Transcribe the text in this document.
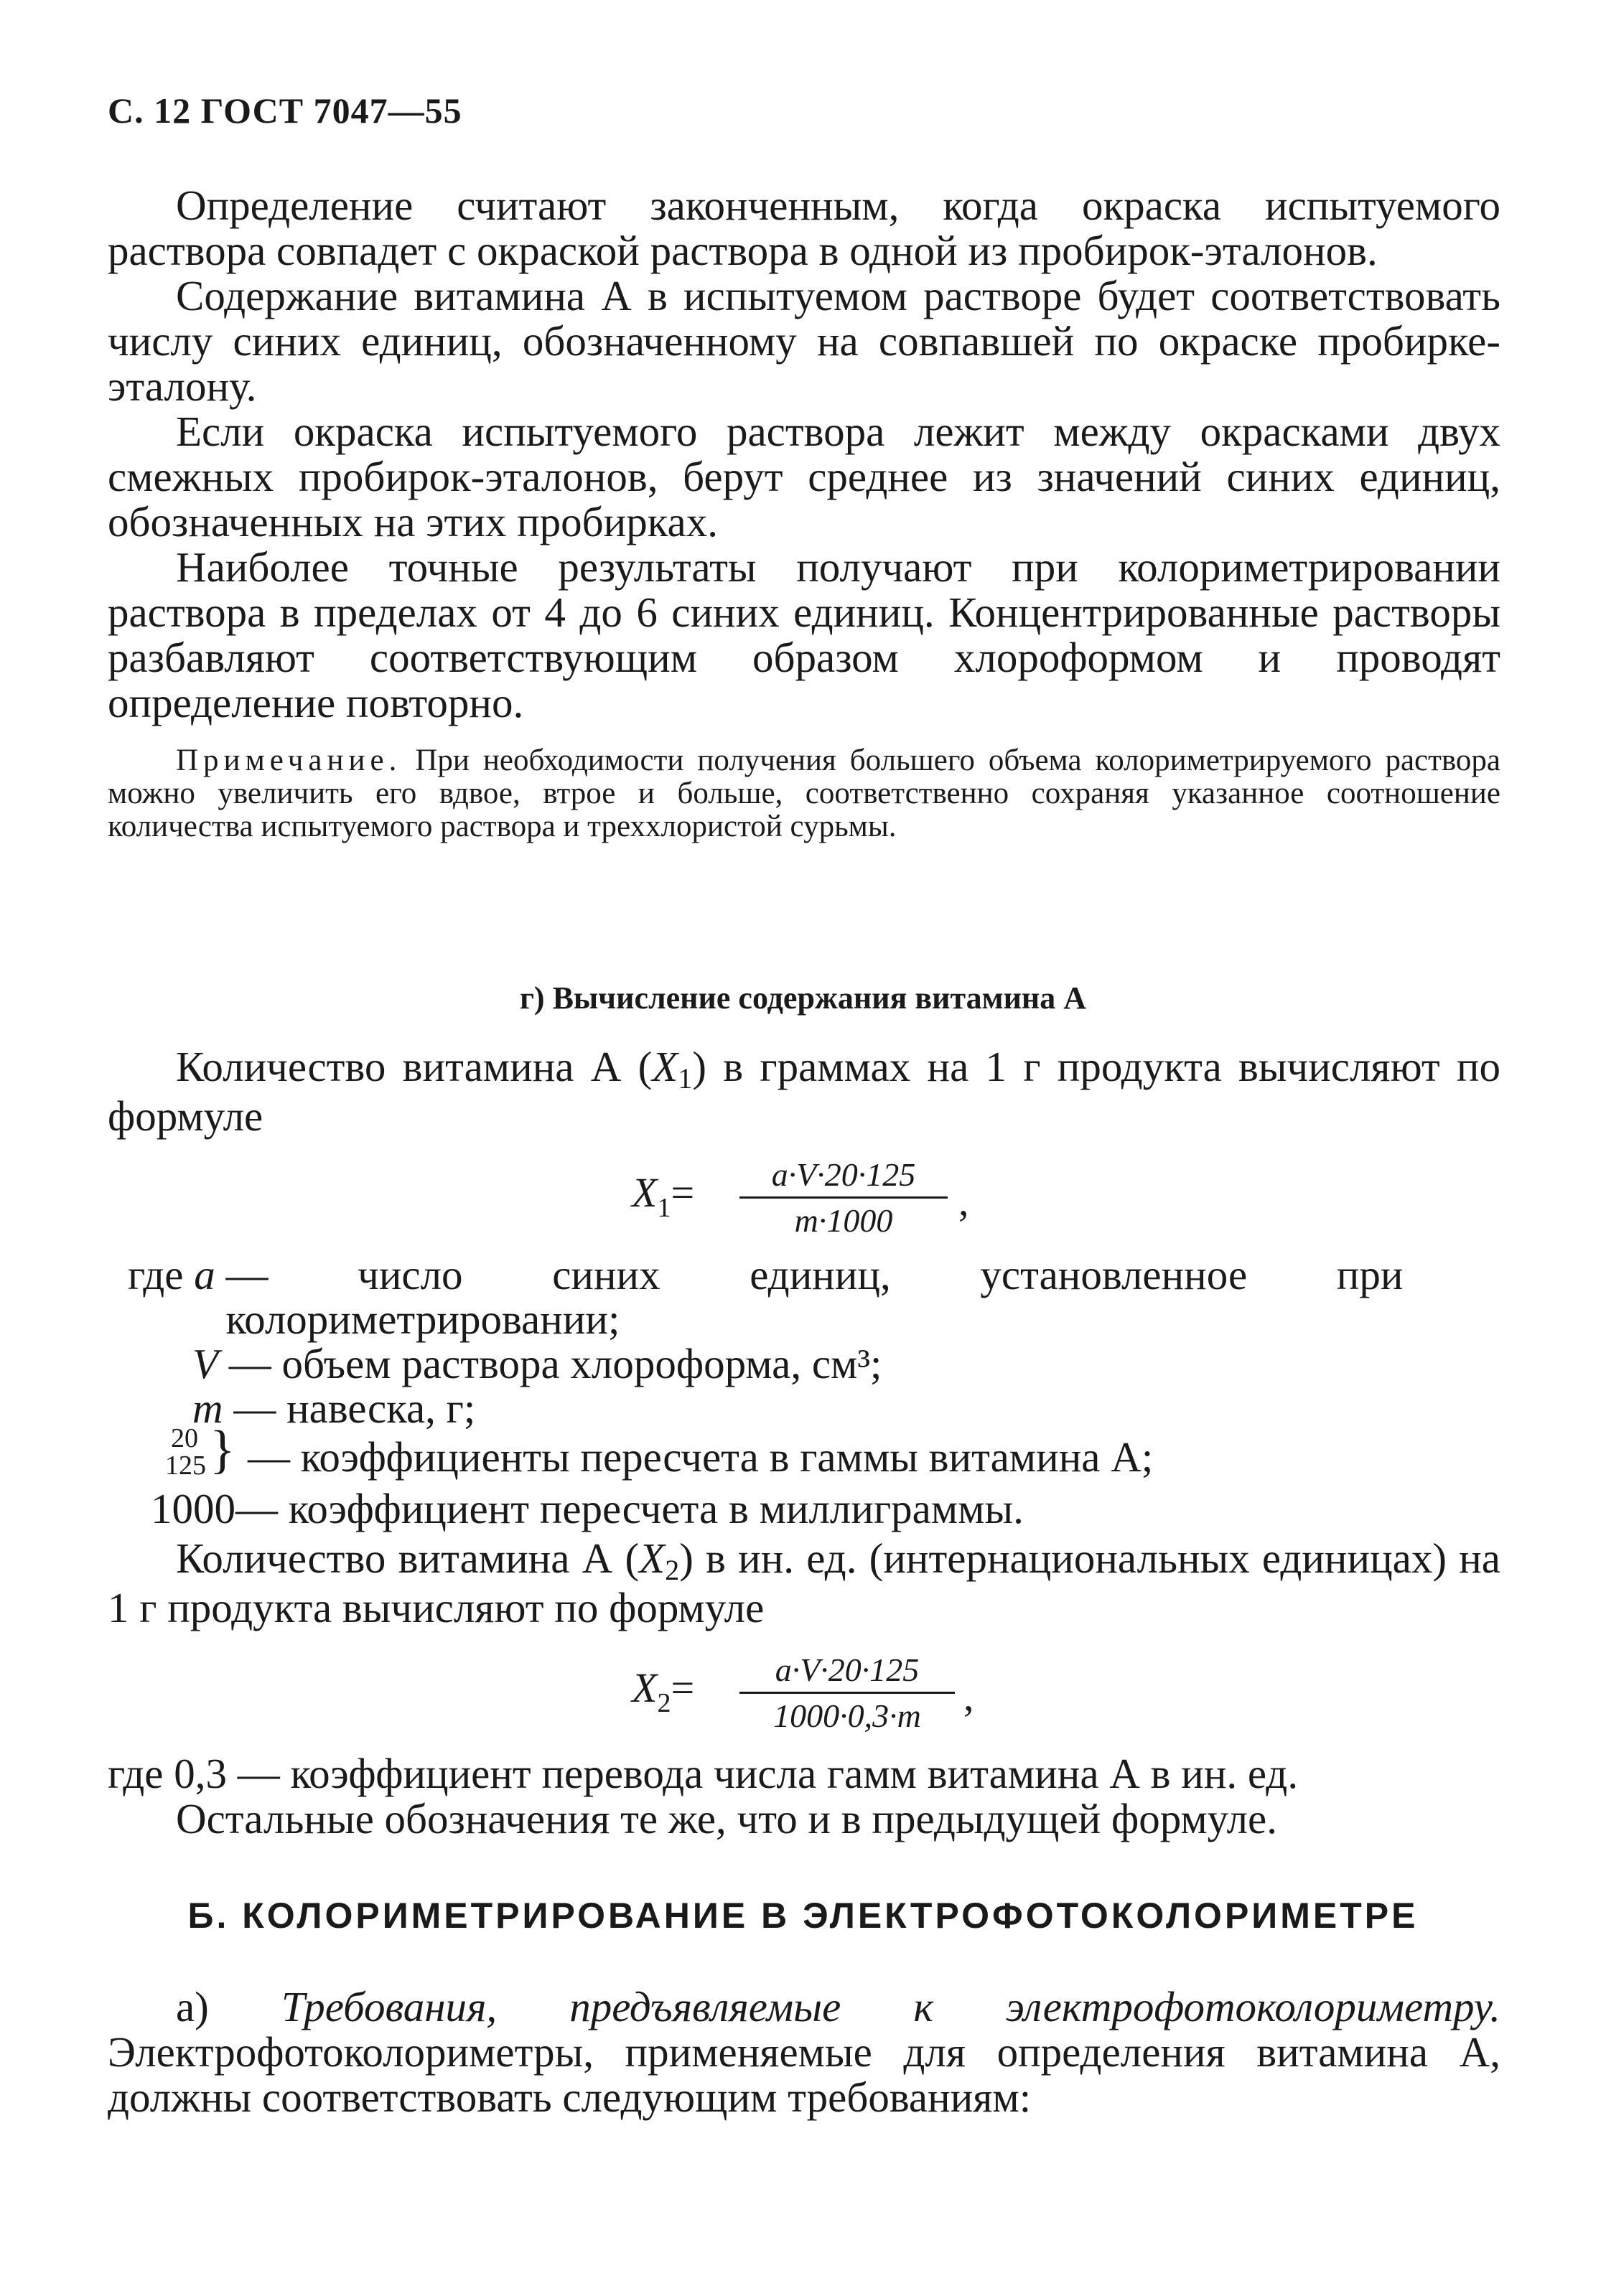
С. 12 ГОСТ 7047—55

Определение считают законченным, когда окраска испытуемого раствора совпадет с окраской раствора в одной из пробирок-эталонов.

Содержание витамина А в испытуемом растворе будет соответствовать числу синих единиц, обозначенному на совпавшей по окраске пробирке-эталону.

Если окраска испытуемого раствора лежит между окрасками двух смежных пробирок-эталонов, берут среднее из значений синих единиц, обозначенных на этих пробирках.

Наиболее точные результаты получают при колориметрировании раствора в пределах от 4 до 6 синих единиц. Концентрированные растворы разбавляют соответствующим образом хлороформом и проводят определение повторно.

Примечание. При необходимости получения большего объема колориметрируемого раствора можно увеличить его вдвое, втрое и больше, соответственно сохраняя указанное соотношение количества испытуемого раствора и треххлористой сурьмы.

г) Вычисление содержания витамина А

Количество витамина А (X1) в граммах на 1 г продукта вычисляют по формуле

$X_1=$	a·V·20·125
m·1000	,
где a — число синих единиц, установленное при колориметрировании;
V — объем раствора хлороформа, см³;
m — навеска, г;
20
125 } — коэффициенты пересчета в гаммы витамина А;
1000— коэффициент пересчета в миллиграммы.

Количество витамина А (X2) в ин. ед. (интернациональных единицах) на 1 г продукта вычисляют по формуле

$X_2=$	a·V·20·125
1000·0,3·m	,

где 0,3 — коэффициент перевода числа гамм витамина А в ин. ед.

Остальные обозначения те же, что и в предыдущей формуле.

Б. КОЛОРИМЕТРИРОВАНИЕ В ЭЛЕКТРОФОТОКОЛОРИМЕТРЕ

а) Требования, предъявляемые к электрофотоколориметру. Электрофотоколориметры, применяемые для определения витамина А, должны соответствовать следующим требованиям:
